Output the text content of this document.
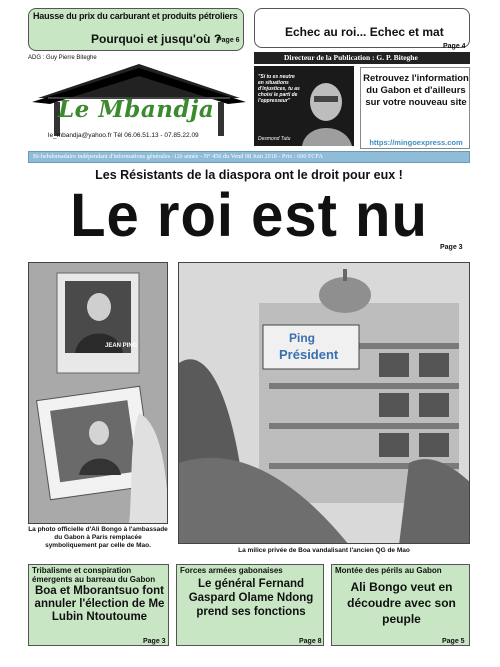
Hausse du prix du carburant et produits pétroliers
Pourquoi et jusqu'où ?
Page 6
Echec au roi... Echec et mat
Page 4
ADG : Guy Pierre Biteghe
Le Mbandja
le_mbandja@yahoo.fr Tél 06.06.51.13 - 07.85.22.09
Directeur de la Publication : G. P. Biteghe
"Si tu es neutre en situations d'injustices, tu as choisi le parti de l'oppresseur"
Desmond Tutu
Retrouvez l'information du Gabon et d'ailleurs sur votre nouveau site
https://mingoexpress.com
Bi-hebdomadaire indépendant d'informations générales -12è année - N° 456 du Vend 08 Juin 2018 - Prix : 600 FCFA
Les Résistants de la diaspora ont le droit pour eux !
Le roi est nu	Page 3
JEAN PING
La photo officielle d'Ali Bongo à l'ambassade du Gabon à Paris remplacée symboliquement par celle de Mao.
Ping
Président
La milice privée de Boa vandalisant l'ancien QG de Mao
Tribalisme et conspiration émergents au barreau du Gabon
Boa et Mborantsuo font annuler l'élection de Me Lubin Ntoutoume
Page 3
Forces armées gabonaises
Le général Fernand Gaspard Olame Ndong prend ses fonctions
Page 8
Montée des périls au Gabon
Ali Bongo veut en découdre avec son peuple
Page 5
